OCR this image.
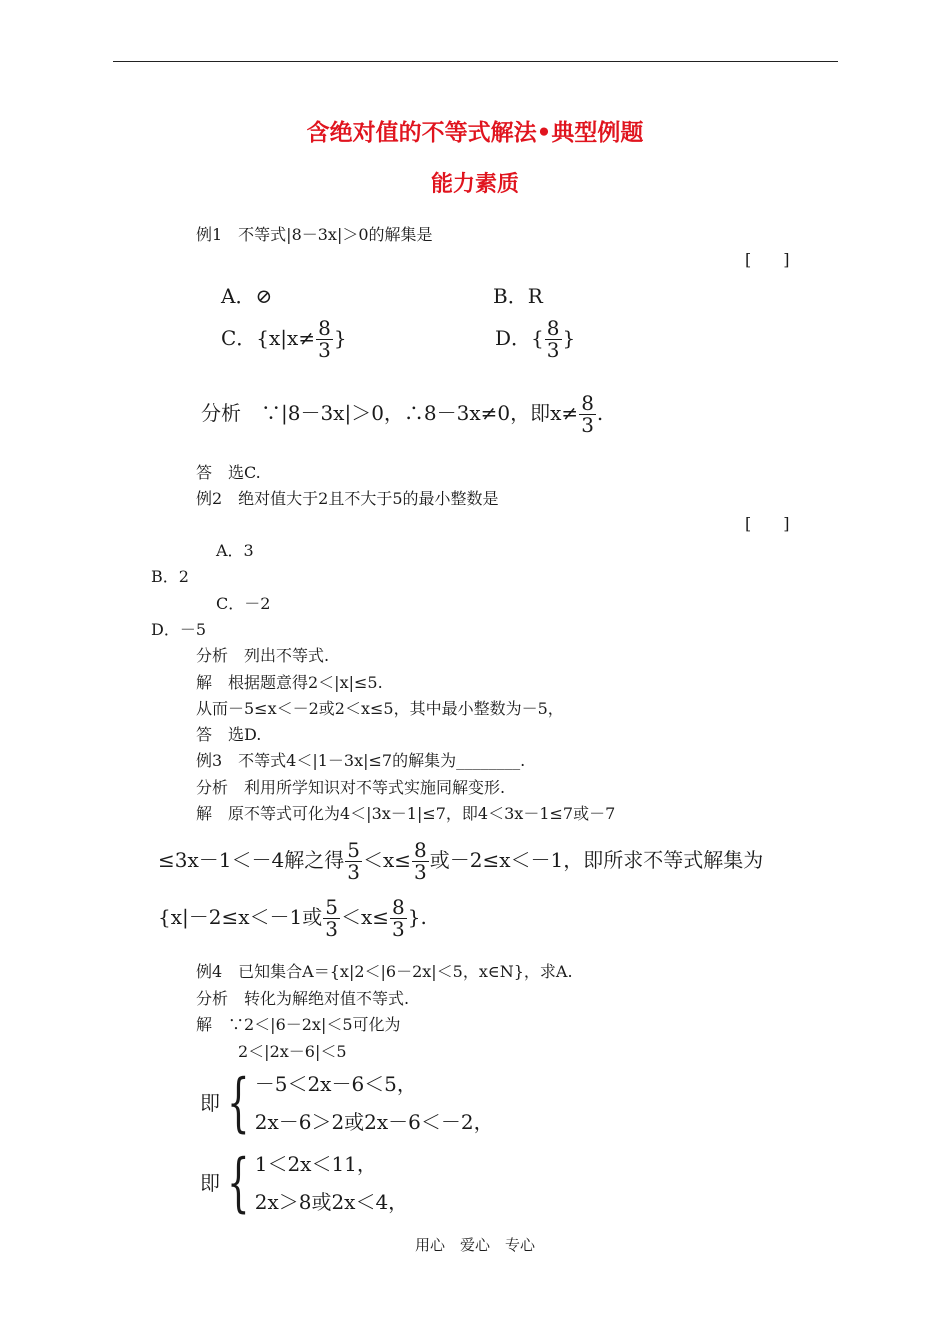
含绝对值的不等式解法•典型例题
能力素质
例1　不等式|8－3x|＞0的解集是
[　　]
A．⊘	B．R
C．{$x|x\ne \frac{8}{3}$ }	D．{ $\frac{8}{3}$ }
分析　∵|8－3x|＞0，∴8－3x≠0，即$x\ne \frac{8}{3}$ .
答　选C.
例2　绝对值大于2且不大于5的最小整数是
[　　]
A．3
B．2
C．－2
D．－5
分析　列出不等式.
解　根据题意得2＜|x|≤5.
从而－5≤x＜－2或2＜x≤5，其中最小整数为－5，
答　选D.
例3　不等式4＜|1－3x|≤7的解集为________.
分析　利用所学知识对不等式实施同解变形.
解　原不等式可化为4＜|3x－1|≤7，即4＜3x－1≤7或－7
≤3x－1＜－4解之得 $\frac{5}{3} <x\le \frac{8}{3}$ 或－2≤x＜－1，即所求不等式解集为
{x|－2≤x＜－1或 $\frac{5}{3} <x\le \frac{8}{3}$ }.
例4　已知集合A＝{x|2＜|6－2x|＜5，x∈N}，求A.
分析　转化为解绝对值不等式.
解　∵2＜|6－2x|＜5可化为
2＜|2x－6|＜5
即 { －5＜2x－6＜5，
2x－6＞2或2x－6＜－2，
即 { 1＜2x＜11，
2x＞8或2x＜4，
用心　爱心　专心
